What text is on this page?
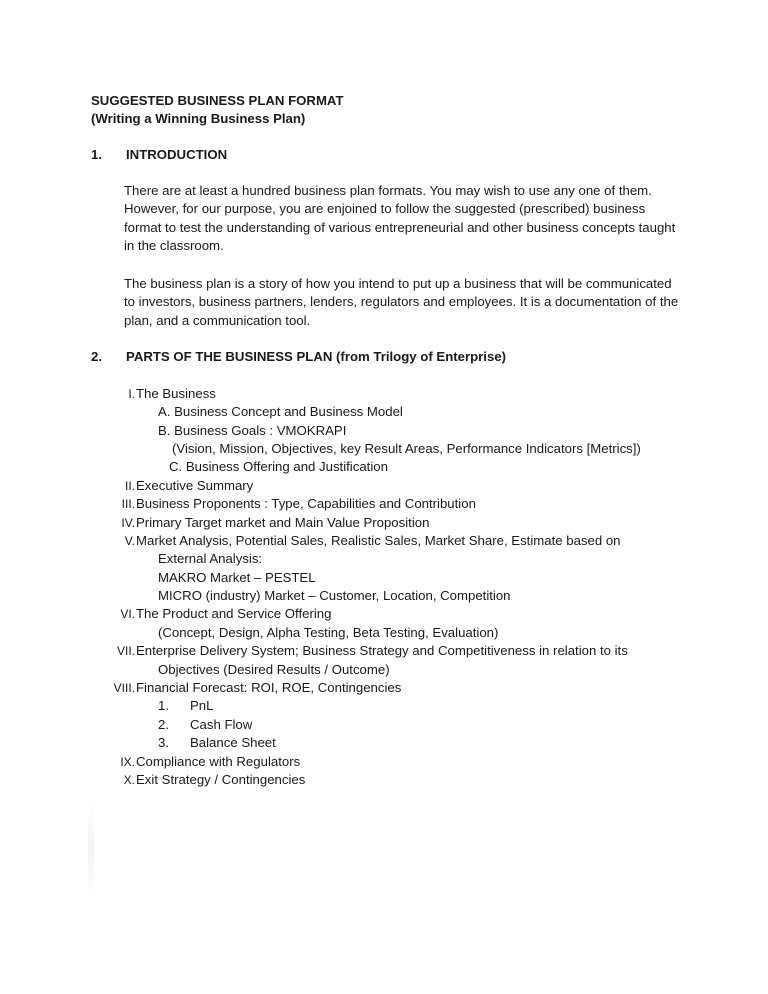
SUGGESTED BUSINESS PLAN FORMAT
(Writing a Winning Business Plan)
1. INTRODUCTION

There are at least a hundred business plan formats. You may wish to use any one of them. However, for our purpose, you are enjoined to follow the suggested (prescribed) business format to test the understanding of various entrepreneurial and other business concepts taught in the classroom.

The business plan is a story of how you intend to put up a business that will be communicated to investors, business partners, lenders, regulators and employees. It is a documentation of the plan, and a communication tool.

2. PARTS OF THE BUSINESS PLAN (from Trilogy of Enterprise)
I. The Business
A. Business Concept and Business Model
B. Business Goals : VMOKRAPI
(Vision, Mission, Objectives, key Result Areas, Performance Indicators [Metrics])
C. Business Offering and Justification
II. Executive Summary
III. Business Proponents : Type, Capabilities and Contribution
IV. Primary Target market and Main Value Proposition
V. Market Analysis, Potential Sales, Realistic Sales, Market Share, Estimate based on
External Analysis:
MAKRO Market – PESTEL
MICRO (industry) Market – Customer, Location, Competition
VI. The Product and Service Offering
(Concept, Design, Alpha Testing, Beta Testing, Evaluation)
VII. Enterprise Delivery System; Business Strategy and Competitiveness in relation to its
Objectives (Desired Results / Outcome)
VIII. Financial Forecast: ROI, ROE, Contingencies
1. PnL
2. Cash Flow
3. Balance Sheet
IX. Compliance with Regulators
X. Exit Strategy / Contingencies
